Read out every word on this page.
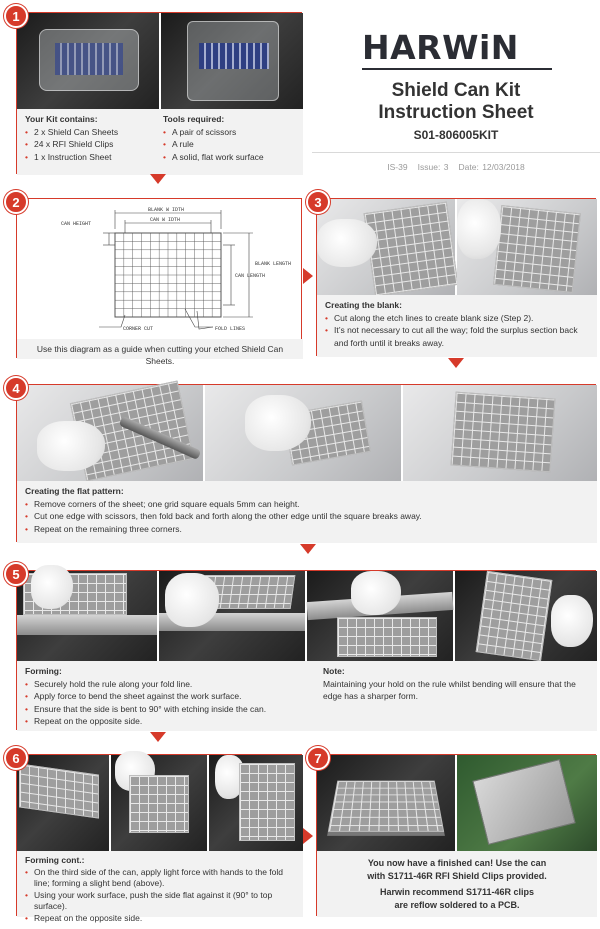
1
Your Kit contains:
• 2 x Shield Can Sheets
• 24 x RFI Shield Clips
• 1 x Instruction Sheet
Tools required:
• A pair of scissors
• A rule
• A solid, flat work surface
HARWiN
Shield Can Kit
Instruction Sheet
S01-806005KIT
IS-39 Issue: 3 Date: 12/03/2018
2
BLANK W IDTH
CAN W IDTH
CAN HEIGHT
BLANK LENGTH
CAN LENGTH
CORNER CUT	FOLD LINES
Use this diagram as a guide when cutting your etched Shield Can Sheets.
3
Creating the blank:
• Cut along the etch lines to create blank size (Step 2).
• It’s not necessary to cut all the way; fold the surplus section back and forth until it breaks away.
4
Creating the flat pattern:
• Remove corners of the sheet; one grid square equals 5mm can height.
• Cut one edge with scissors, then fold back and forth along the other edge until the square breaks away.
• Repeat on the remaining three corners.
5
Forming:
• Securely hold the rule along your fold line.
• Apply force to bend the sheet against the work surface.
• Ensure that the side is bent to 90° with etching inside the can.
• Repeat on the opposite side.
Note:
Maintaining your hold on the rule whilst bending will ensure that the edge has a sharper form.
6
Forming cont.:
• On the third side of the can, apply light force with hands to the fold line; forming a slight bend (above).
• Using your work surface, push the side flat against it (90° to top surface).
• Repeat on the opposite side.
7
You now have a finished can! Use the can
with S1711-46R RFI Shield Clips provided.
Harwin recommend S1711-46R clips
are reflow soldered to a PCB.
